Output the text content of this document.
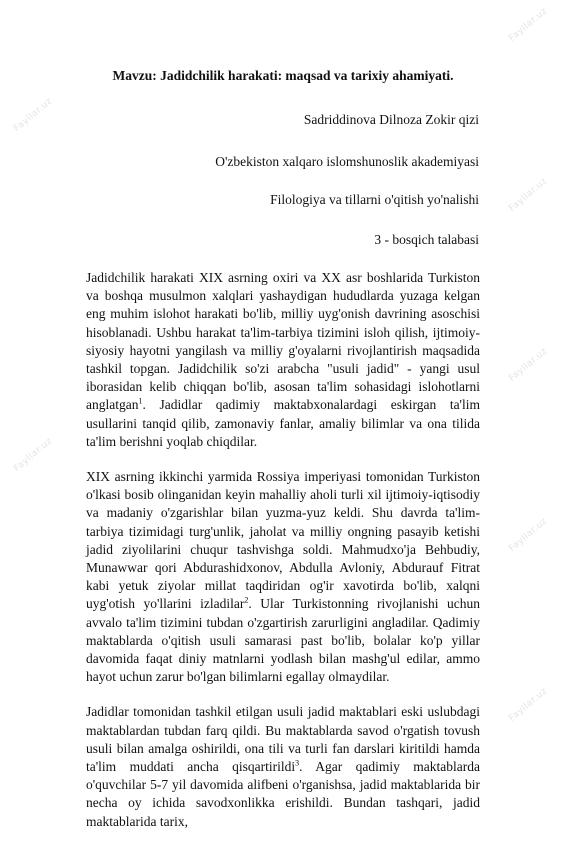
Mavzu: Jadidchilik harakati: maqsad va tarixiy ahamiyati.
Sadriddinova Dilnoza Zokir qizi
O'zbekiston xalqaro islomshunoslik akademiyasi
Filologiya va tillarni o'qitish yo'nalishi
3 - bosqich talabasi

Jadidchilik harakati XIX asrning oxiri va XX asr boshlarida Turkiston va boshqa musulmon xalqlari yashaydigan hududlarda yuzaga kelgan eng muhim islohot harakati bo'lib, milliy uyg'onish davrining asoschisi hisoblanadi. Ushbu harakat ta'lim-tarbiya tizimini isloh qilish, ijtimoiy-siyosiy hayotni yangilash va milliy g'oyalarni rivojlantirish maqsadida tashkil topgan. Jadidchilik so'zi arabcha "usuli jadid" - yangi usul iborasidan kelib chiqqan bo'lib, asosan ta'lim sohasidagi islohotlarni anglatgan$^1$. Jadidlar qadimiy maktabxonalardagi eskirgan ta'lim usullarini tanqid qilib, zamonaviy fanlar, amaliy bilimlar va ona tilida ta'lim berishni yoqlab chiqdilar.

XIX asrning ikkinchi yarmida Rossiya imperiyasi tomonidan Turkiston o'lkasi bosib olinganidan keyin mahalliy aholi turli xil ijtimoiy-iqtisodiy va madaniy o'zgarishlar bilan yuzma-yuz keldi. Shu davrda ta'lim-tarbiya tizimidagi turg'unlik, jaholat va milliy ongning pasayib ketishi jadid ziyolilarini chuqur tashvishga soldi. Mahmudxo'ja Behbudiy, Munawwar qori Abdurashidxonov, Abdulla Avloniy, Abdurauf Fitrat kabi yetuk ziyolar millat taqdiridan og'ir xavotirda bo'lib, xalqni uyg'otish yo'llarini izladilar$^2$. Ular Turkistonning rivojlanishi uchun avvalo ta'lim tizimini tubdan o'zgartirish zarurligini angladilar. Qadimiy maktablarda o'qitish usuli samarasi past bo'lib, bolalar ko'p yillar davomida faqat diniy matnlarni yodlash bilan mashg'ul edilar, ammo hayot uchun zarur bo'lgan bilimlarni egallay olmaydilar.

Jadidlar tomonidan tashkil etilgan usuli jadid maktablari eski uslubdagi maktablardan tubdan farq qildi. Bu maktablarda savod o'rgatish tovush usuli bilan amalga oshirildi, ona tili va turli fan darslari kiritildi hamda ta'lim muddati ancha qisqartirildi$^3$. Agar qadimiy maktablarda o'quvchilar 5-7 yil davomida alifbeni o'rganishsa, jadid maktablarida bir necha oy ichida savodxonlikka erishildi. Bundan tashqari, jadid maktablarida tarix,

Fayllar.uz
Fayllar.uz
Fayllar.uz
Fayllar.uz
Fayllar.uz
Fayllar.uz
Fayllar.uz
